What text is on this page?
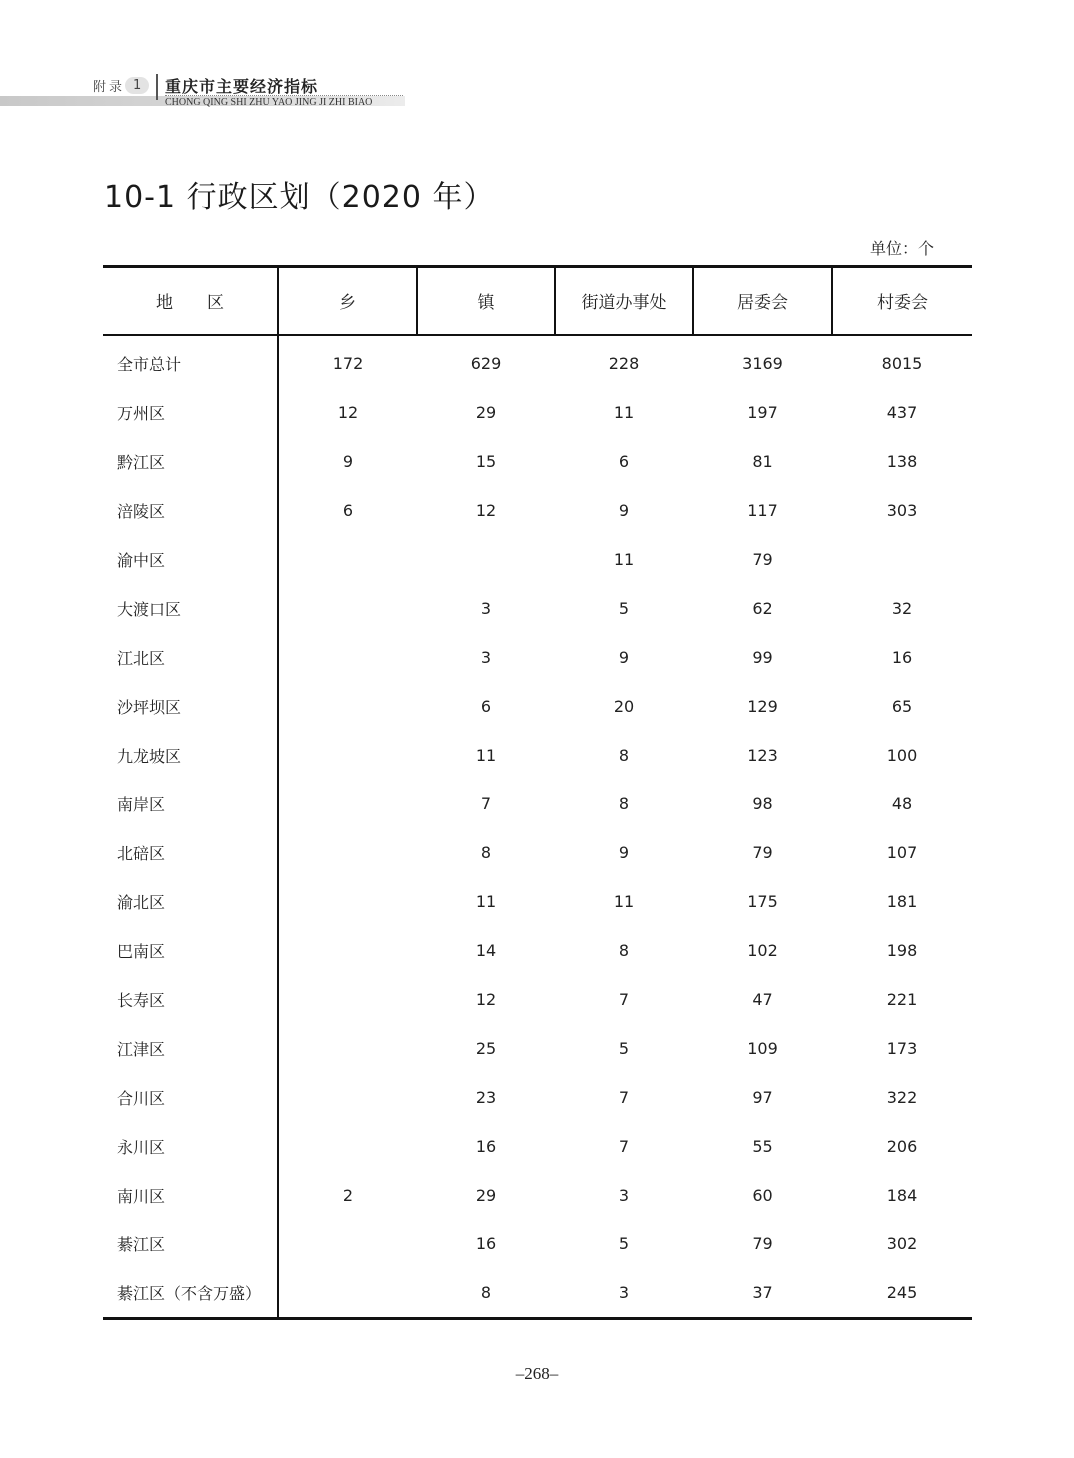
附 录 1	重庆市主要经济指标
CHONG QING SHI ZHU YAO JING JI ZHI BIAO
10-1 行政区划（2020 年）
单位：个
地　　区	乡	镇	街道办事处	居委会	村委会
全市总计	172	629	228	3169	8015
万州区	12	29	11	197	437
黔江区	9	15	6	81	138
涪陵区	6	12	9	117	303
渝中区			11	79	
大渡口区		3	5	62	32
江北区		3	9	99	16
沙坪坝区		6	20	129	65
九龙坡区		11	8	123	100
南岸区		7	8	98	48
北碚区		8	9	79	107
渝北区		11	11	175	181
巴南区		14	8	102	198
长寿区		12	7	47	221
江津区		25	5	109	173
合川区		23	7	97	322
永川区		16	7	55	206
南川区	2	29	3	60	184
綦江区		16	5	79	302
綦江区（不含万盛）		8	3	37	245
–268–
